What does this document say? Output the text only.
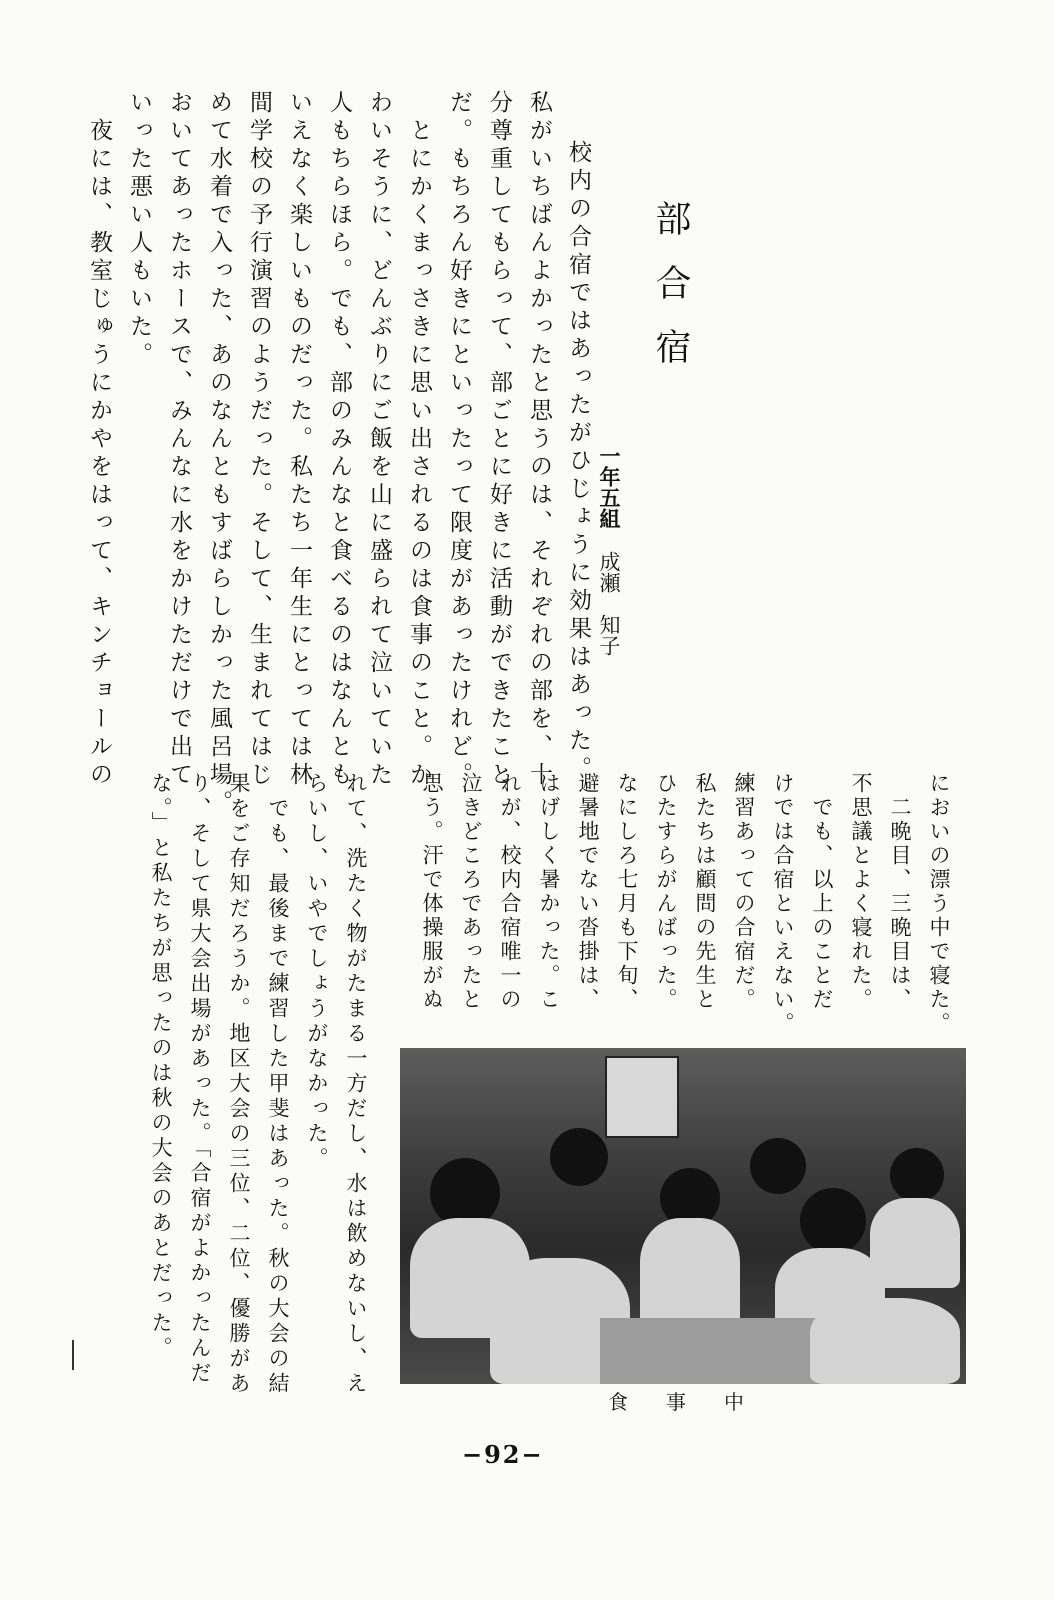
部合宿
一年五組成瀬　知子
　校内の合宿ではあったがひじょうに効果はあった。
私がいちばんよかったと思うのは、それぞれの部を、十
分尊重してもらって、部ごとに好きに活動ができたこと
だ。もちろん好きにといったって限度があったけれど。
　とにかくまっさきに思い出されるのは食事のこと。か
わいそうに、どんぶりにご飯を山に盛られて泣いていた
人もちらほら。でも、部のみんなと食べるのはなんとも
いえなく楽しいものだった。私たち一年生にとっては林
間学校の予行演習のようだった。そして、生まれてはじ
めて水着で入った、あのなんともすばらしかった風呂場。
おいてあったホースで、みんなに水をかけただけで出て
いった悪い人もいた。
　夜には、教室じゅうにかやをはって、キンチョールの
においの漂う中で寝た。
　二晩目、三晩目は、
不思議とよく寝れた。
　でも、以上のことだ
けでは合宿といえない。
練習あっての合宿だ。
私たちは顧問の先生と
ひたすらがんばった。
なにしろ七月も下旬、
避暑地でない沓掛は、
はげしく暑かった。こ
れが、校内合宿唯一の
泣きどころであったと
思う。汗で体操服がぬ
れて、洗たく物がたまる一方だし、水は飲めないし、え
らいし、いやでしょうがなかった。
　でも、最後まで練習した甲斐はあった。秋の大会の結
果をご存知だろうか。地区大会の三位、二位、優勝があ
り、そして県大会出場があった。「合宿がよかったんだ
な。」と私たちが思ったのは秋の大会のあとだった。
食事中
−92−
